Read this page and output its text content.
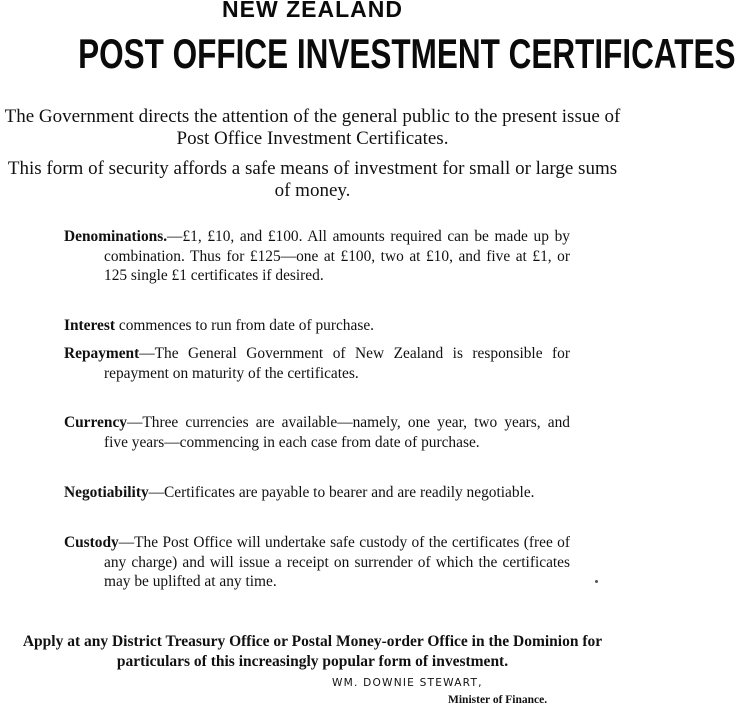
NEW ZEALAND
POST OFFICE INVESTMENT CERTIFICATES
The Government directs the attention of the general public to the present issue of Post Office Investment Certificates.
This form of security affords a safe means of investment for small or large sums of money.
Denominations.—£1, £10, and £100. All amounts required can be made up by combination. Thus for £125—one at £100, two at £10, and five at £1, or 125 single £1 certificates if desired.
Interest commences to run from date of purchase.
Repayment—The General Government of New Zealand is responsible for repayment on maturity of the certificates.
Currency—Three currencies are available—namely, one year, two years, and five years—commencing in each case from date of purchase.
Negotiability—Certificates are payable to bearer and are readily negotiable.
Custody—The Post Office will undertake safe custody of the certificates (free of any charge) and will issue a receipt on surrender of which the certificates may be uplifted at any time.
Apply at any District Treasury Office or Postal Money-order Office in the Dominion for particulars of this increasingly popular form of investment.
WM. DOWNIE STEWART,
Minister of Finance.
